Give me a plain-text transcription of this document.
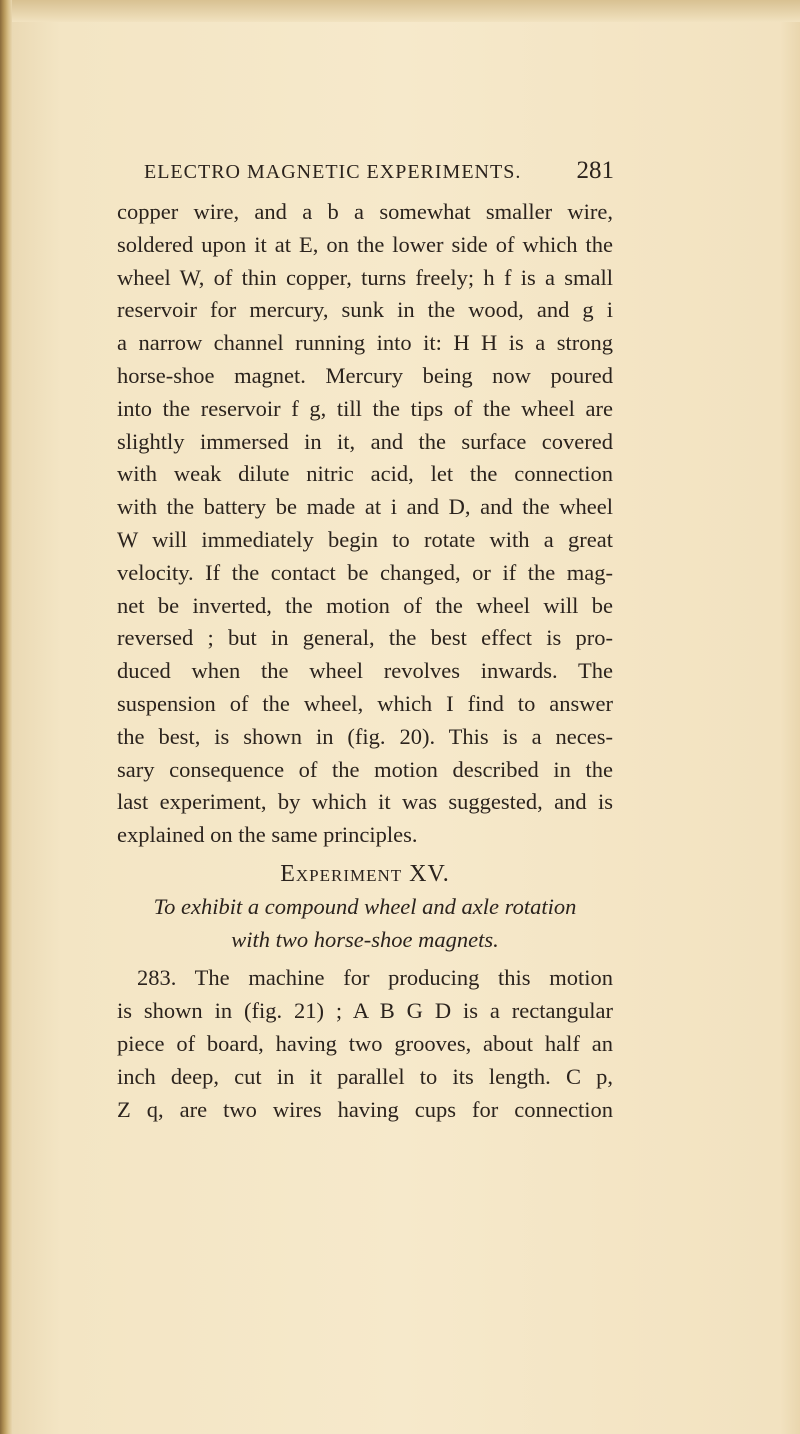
ELECTRO MAGNETIC EXPERIMENTS. 281
copper wire, and a b a somewhat smaller wire,
soldered upon it at E, on the lower side of which the
wheel W, of thin copper, turns freely; h f is a small
reservoir for mercury, sunk in the wood, and g i
a narrow channel running into it: H H is a strong
horse-shoe magnet. Mercury being now poured
into the reservoir f g, till the tips of the wheel are
slightly immersed in it, and the surface covered
with weak dilute nitric acid, let the connection
with the battery be made at i and D, and the wheel
W will immediately begin to rotate with a great
velocity. If the contact be changed, or if the mag-
net be inverted, the motion of the wheel will be
reversed ; but in general, the best effect is pro-
duced when the wheel revolves inwards. The
suspension of the wheel, which I find to answer
the best, is shown in (fig. 20). This is a neces-
sary consequence of the motion described in the
last experiment, by which it was suggested, and is
explained on the same principles.
Experiment XV.
To exhibit a compound wheel and axle rotation
with two horse-shoe magnets.
283. The machine for producing this motion
is shown in (fig. 21) ; A B G D is a rectangular
piece of board, having two grooves, about half an
inch deep, cut in it parallel to its length. C p,
Z q, are two wires having cups for connection
